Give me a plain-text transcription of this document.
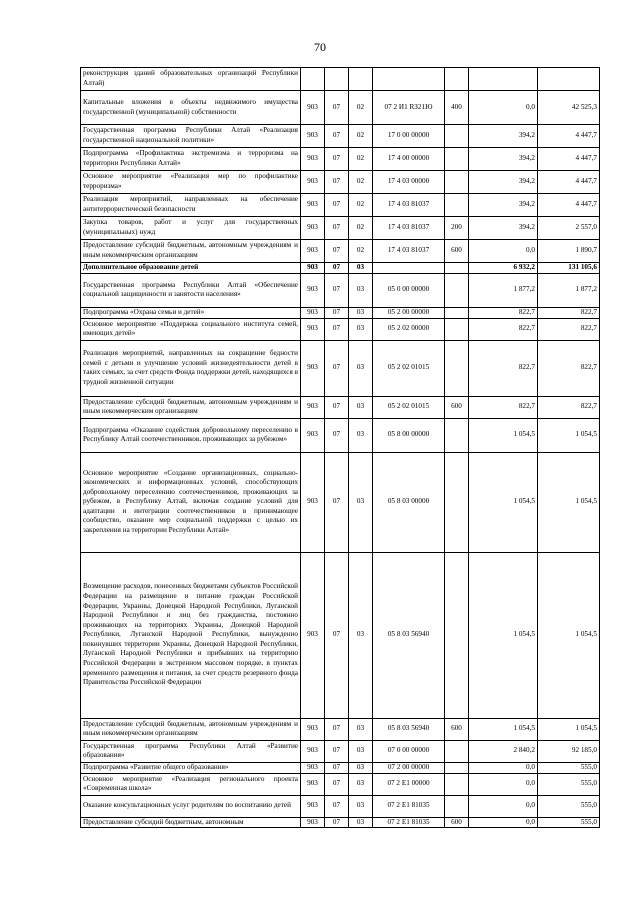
70
реконструкция зданий образовательных организаций Республики Алтай)							
Капитальные вложения в объекты недвижимого имущества государственной (муниципальной) собственности	903	07	02	07 2 И1 RЗ21Ю	400	0,0	42 525,3
Государственная программа Республики Алтай «Реализация государственной национальной политики»	903	07	02	17 0 00 00000		394,2	4 447,7
Подпрограмма «Профилактика экстремизма и терроризма на территории Республики Алтай»	903	07	02	17 4 00 00000		394,2	4 447,7
Основное мероприятие «Реализация мер по профилактике терроризма»	903	07	02	17 4 03 00000		394,2	4 447,7
Реализация мероприятий, направленных на обеспечение антитеррористической безопасности	903	07	02	17 4 03 81037		394,2	4 447,7
Закупка товаров, работ и услуг для государственных (муниципальных) нужд	903	07	02	17 4 03 81037	200	394,2	2 557,0
Предоставление субсидий бюджетным, автономным учреждениям и иным некоммерческим организациям	903	07	02	17 4 03 81037	600	0,0	1 890,7
Дополнительное образование детей	903	07	03			6 932,2	131 105,6
Государственная программа Республики Алтай «Обеспечение социальной защищенности и занятости населения»	903	07	03	05 0 00 00000		1 877,2	1 877,2
Подпрограмма «Охрана семьи и детей»	903	07	03	05 2 00 00000		822,7	822,7
Основное мероприятие «Поддержка социального института семей, имеющих детей»	903	07	03	05 2 02 00000		822,7	822,7
Реализация мероприятий, направленных на сокращение бедности семей с детьми и улучшение условий жизнедеятельности детей в таких семьях, за счет средств Фонда поддержки детей, находящихся в трудной жизненной ситуации	903	07	03	05 2 02 01015		822,7	822,7
Предоставление субсидий бюджетным, автономным учреждениям и иным некоммерческим организациям	903	07	03	05 2 02 01015	600	822,7	822,7
Подпрограмма «Оказание содействия добровольному переселению в Республику Алтай соотечественников, проживающих за рубежом»	903	07	03	05 8 00 00000		1 054,5	1 054,5
Основное мероприятие «Создание организационных, социально-экономических и информационных условий, способствующих добровольному переселению соотечественников, проживающих за рубежом, в Республику Алтай, включая создание условий для адаптации и интеграции соотечественников в принимающее сообщество, оказание мер социальной поддержки с целью их закрепления на территории Республики Алтай»	903	07	03	05 8 03 00000		1 054,5	1 054,5
Возмещение расходов, понесенных бюджетами субъектов Российской Федерации на размещение и питание граждан Российской Федерации, Украины, Донецкой Народной Республики, Луганской Народной Республики и лиц без гражданства, постоянно проживающих на территориях Украины, Донецкой Народной Республики, Луганской Народной Республики, вынужденно покинувших территории Украины, Донецкой Народной Республики, Луганской Народной Республики и прибывших на территорию Российской Федерации в экстренном массовом порядке, в пунктах временного размещения и питания, за счет средств резервного фонда Правительства Российской Федерации	903	07	03	05 8 03 56940		1 054,5	1 054,5
Предоставление субсидий бюджетным, автономным учреждениям и иным некоммерческим организациям	903	07	03	05 8 03 56940	600	1 054,5	1 054,5
Государственная программа Республики Алтай «Развитие образования»	903	07	03	07 0 00 00000		2 840,2	92 185,0
Подпрограмма «Развитие общего образования»	903	07	03	07 2 00 00000		0,0	555,0
Основное мероприятие «Реализация регионального проекта «Современная школа»	903	07	03	07 2 Е1 00000		0,0	555,0
Оказание консультационных услуг родителям по воспитанию детей	903	07	03	07 2 Е1 81035		0,0	555,0
Предоставление субсидий бюджетным, автономным	903	07	03	07 2 Е1 81035	600	0,0	555,0
